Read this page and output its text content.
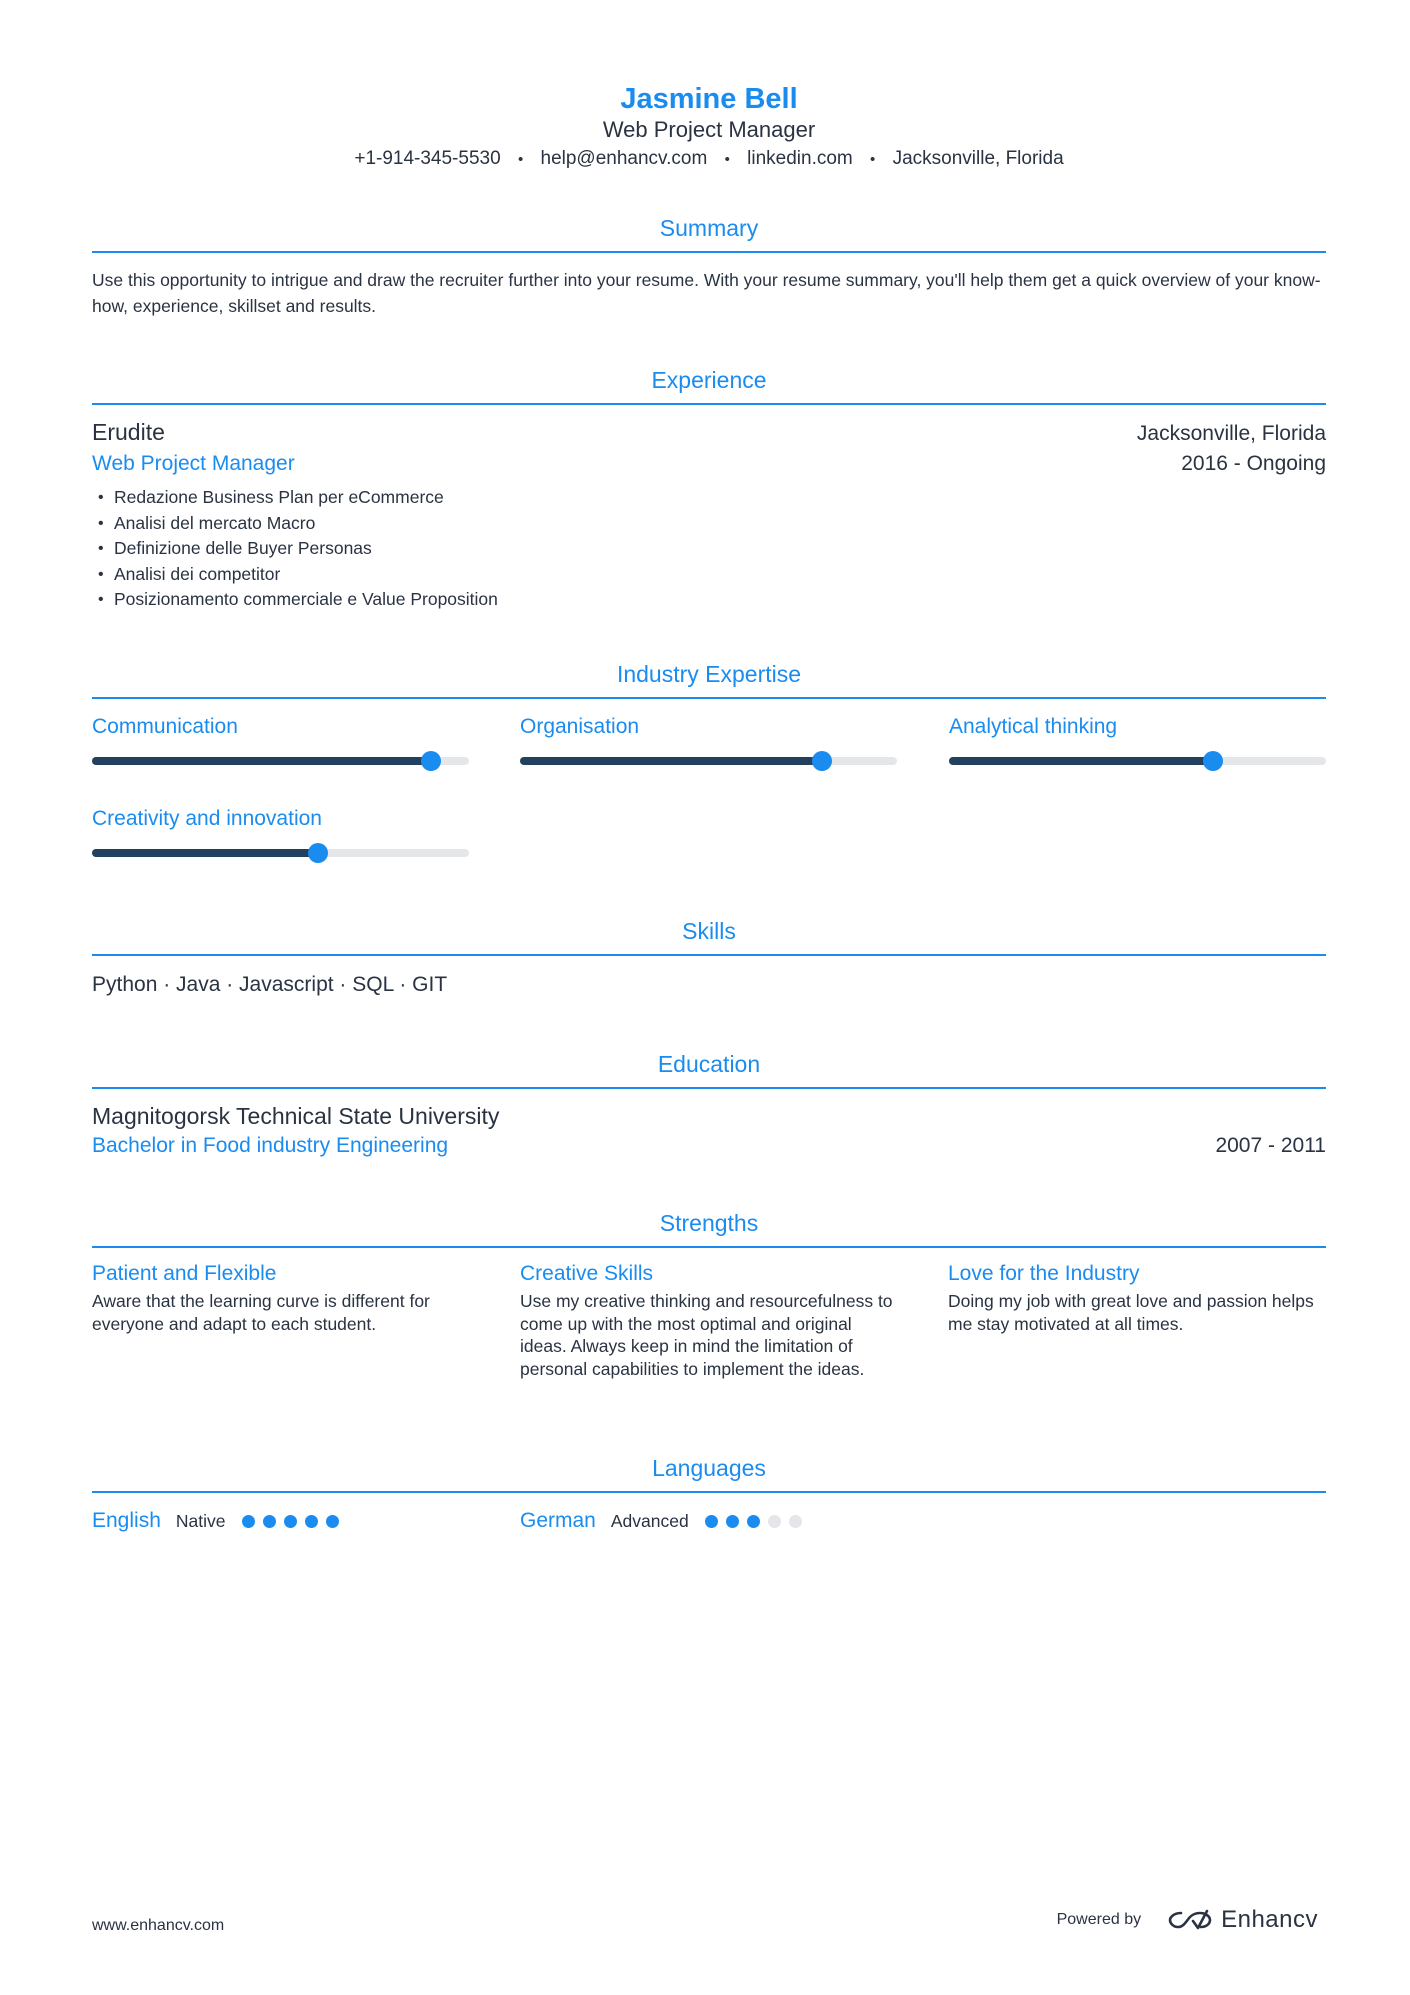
Jasmine Bell
Web Project Manager
+1-914-345-5530 • help@enhancv.com • linkedin.com • Jacksonville, Florida
Summary
Use this opportunity to intrigue and draw the recruiter further into your resume. With your resume summary, you'll help them get a quick overview of your know-how, experience, skillset and results.
Experience
Erudite	Jacksonville, Florida
Web Project Manager	2016 - Ongoing
• Redazione Business Plan per eCommerce
• Analisi del mercato Macro
• Definizione delle Buyer Personas
• Analisi dei competitor
• Posizionamento commerciale e Value Proposition
Industry Expertise
Communication	Organisation	Analytical thinking
Creativity and innovation
Skills
Python · Java · Javascript · SQL · GIT
Education
Magnitogorsk Technical State University
Bachelor in Food industry Engineering	2007 - 2011
Strengths
Patient and Flexible
Aware that the learning curve is different for everyone and adapt to each student.
Creative Skills
Use my creative thinking and resourcefulness to come up with the most optimal and original ideas. Always keep in mind the limitation of personal capabilities to implement the ideas.
Love for the Industry
Doing my job with great love and passion helps me stay motivated at all times.
Languages
English Native	German Advanced
www.enhancv.com	Powered by	Enhancv
